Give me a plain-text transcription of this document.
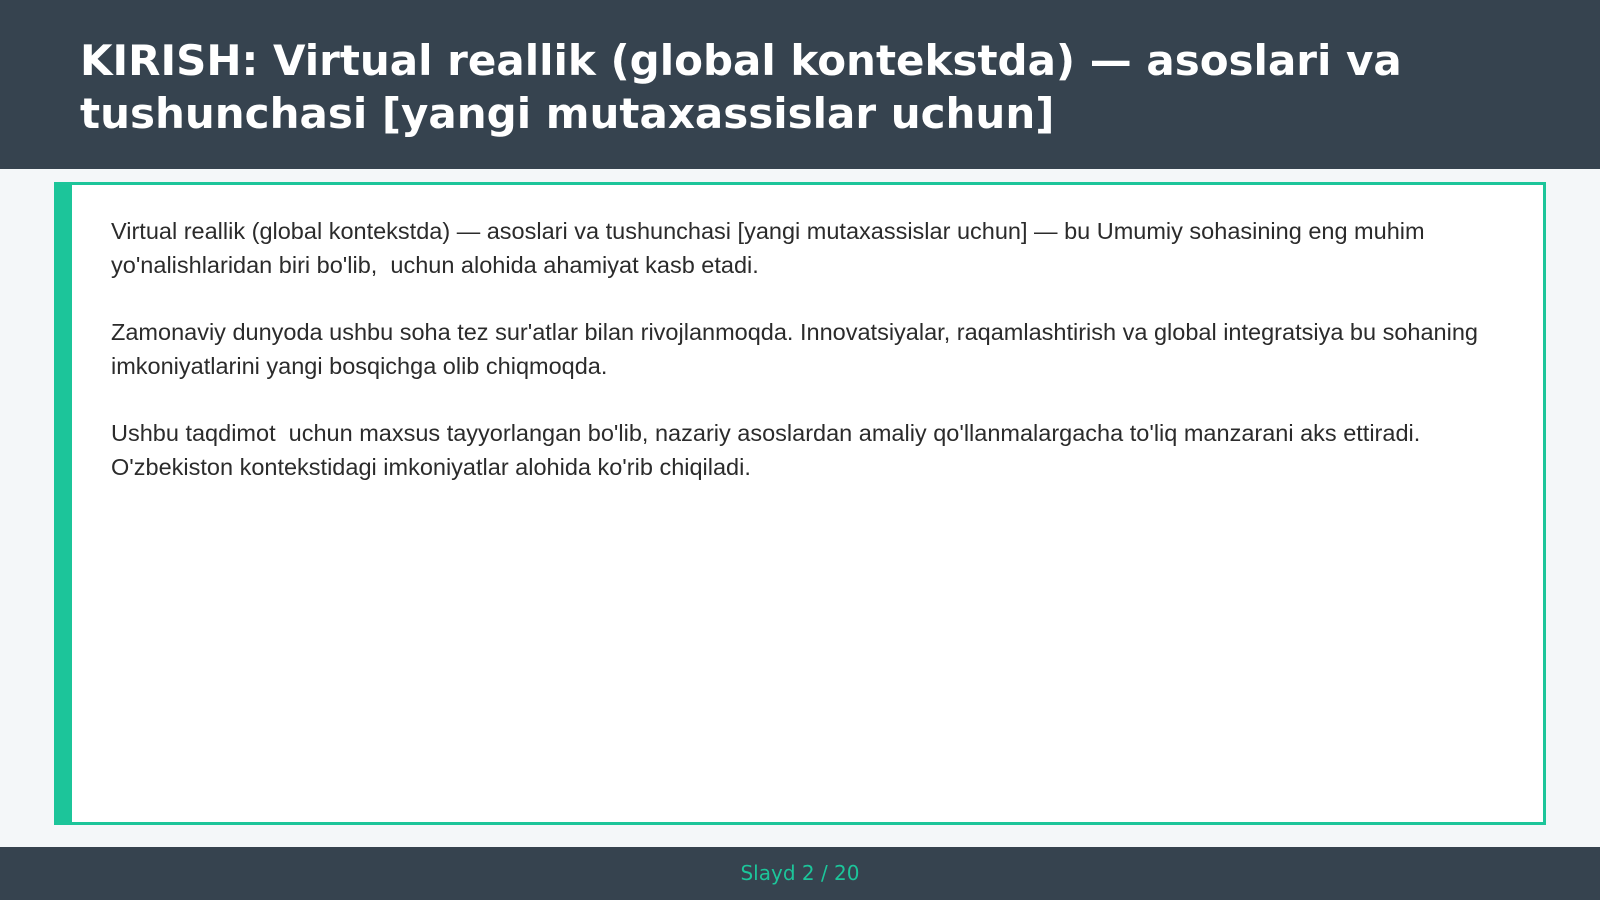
KIRISH: Virtual reallik (global kontekstda) — asoslari va tushunchasi [yangi mutaxassislar uchun]

Virtual reallik (global kontekstda) — asoslari va tushunchasi [yangi mutaxassislar uchun] — bu Umumiy sohasining eng muhim yo'nalishlaridan biri bo'lib,  uchun alohida ahamiyat kasb etadi.

Zamonaviy dunyoda ushbu soha tez sur'atlar bilan rivojlanmoqda. Innovatsiyalar, raqamlashtirish va global integratsiya bu sohaning imkoniyatlarini yangi bosqichga olib chiqmoqda.

Ushbu taqdimot  uchun maxsus tayyorlangan bo'lib, nazariy asoslardan amaliy qo'llanmalargacha to'liq manzarani aks ettiradi. O'zbekiston kontekstidagi imkoniyatlar alohida ko'rib chiqiladi.

Slayd 2 / 20
